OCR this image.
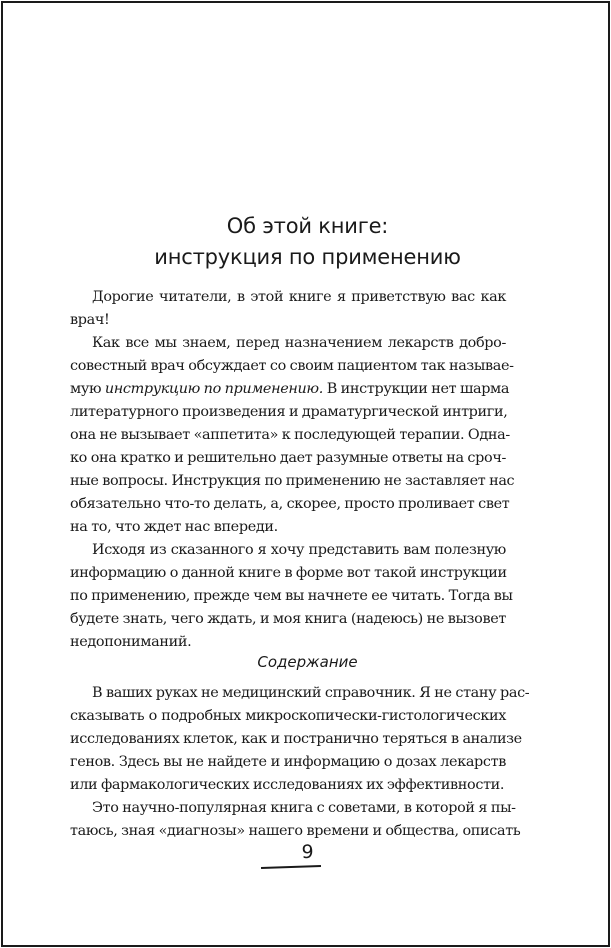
Об этой книге:
инструкция по применению
Дорогие читатели, в этой книге я приветствую вас как
врач!
Как все мы знаем, перед назначением лекарств добро-
совестный врач обсуждает со своим пациентом так называе-
мую инструкцию по применению. В инструкции нет шарма
литературного произведения и драматургической интриги,
она не вызывает «аппетита» к последующей терапии. Одна-
ко она кратко и решительно дает разумные ответы на сроч-
ные вопросы. Инструкция по применению не заставляет нас
обязательно что-то делать, а, скорее, просто проливает свет
на то, что ждет нас впереди.
Исходя из сказанного я хочу представить вам полезную
информацию о данной книге в форме вот такой инструкции
по применению, прежде чем вы начнете ее читать. Тогда вы
будете знать, чего ждать, и моя книга (надеюсь) не вызовет
недопониманий.
Содержание
В ваших руках не медицинский справочник. Я не стану рас-
сказывать о подробных микроскопически-гистологических
исследованиях клеток, как и постранично теряться в анализе
генов. Здесь вы не найдете и информацию о дозах лекарств
или фармакологических исследованиях их эффективности.
Это научно-популярная книга с советами, в которой я пы-
таюсь, зная «диагнозы» нашего времени и общества, описать
9
